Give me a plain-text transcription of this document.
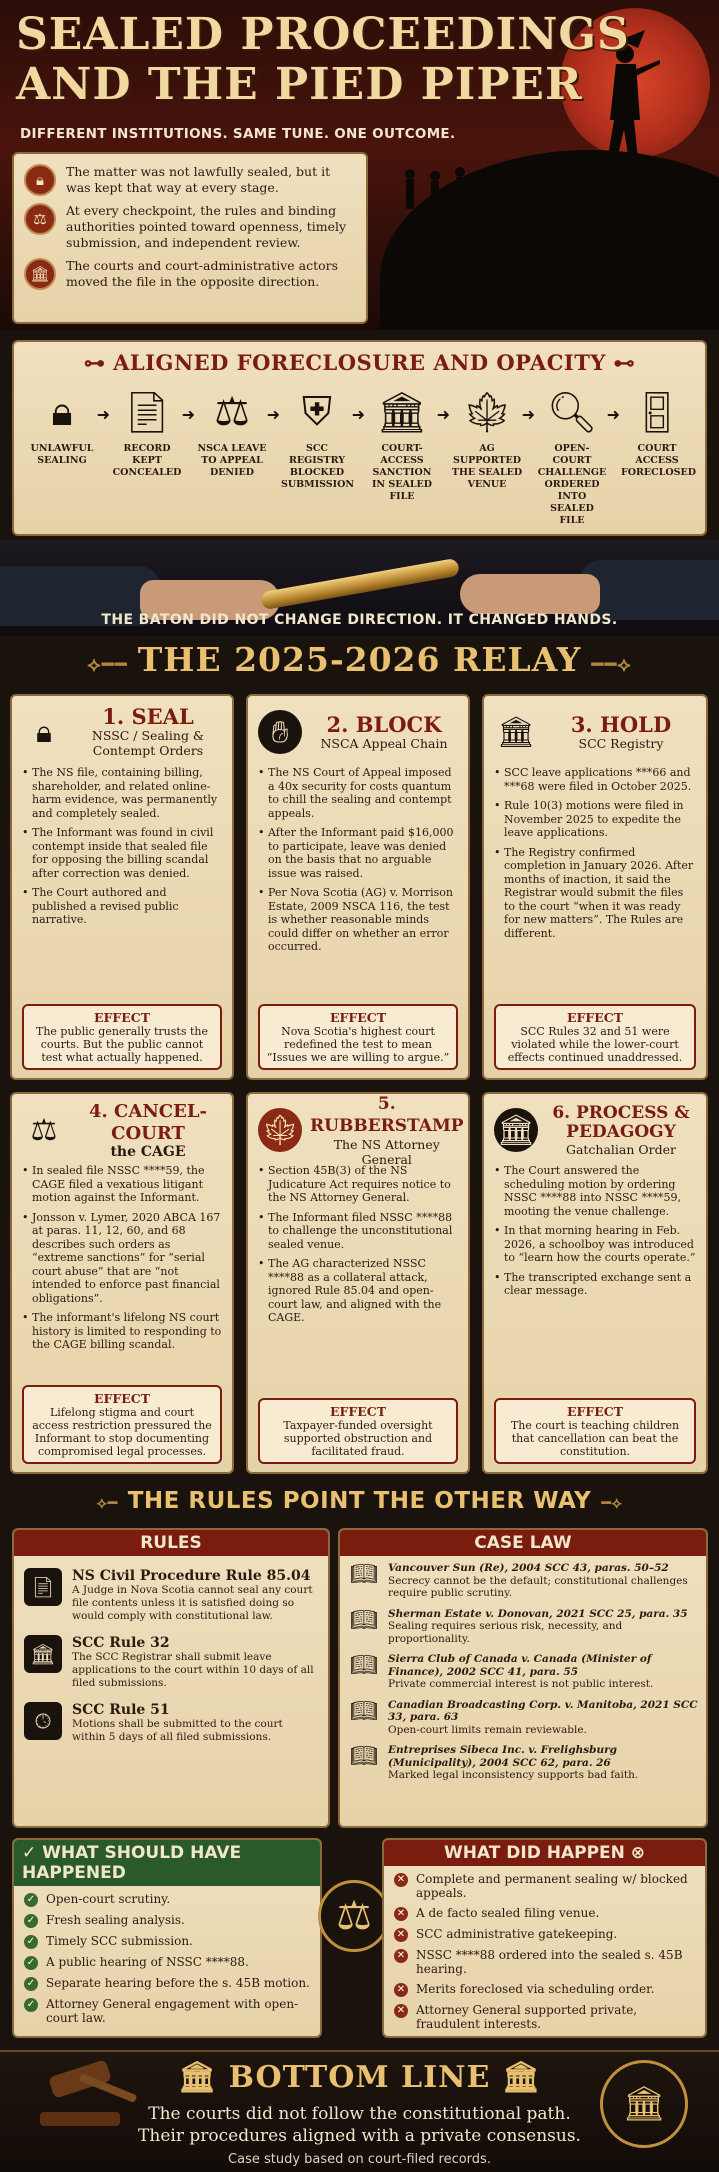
SEALED PROCEEDINGS
AND THE PIED PIPER
DIFFERENT INSTITUTIONS. SAME TUNE. ONE OUTCOME.
🔒︎	The matter was not lawfully sealed, but it was kept that way at every stage.
⚖︎	At every checkpoint, the rules and binding authorities pointed toward openness, timely submission, and independent review.
🏛︎	The courts and court-administrative actors moved the file in the opposite direction.
⊶ ALIGNED FORECLOSURE AND OPACITY ⊷
🔒︎
UNLAWFUL SEALING
➜ 📄︎
RECORD KEPT CONCEALED
➜ ⚖︎
NSCA LEAVE TO APPEAL DENIED
➜ ⛨
SCC REGISTRY BLOCKED SUBMISSION
➜ 🏛︎
COURT-ACCESS SANCTION IN SEALED FILE
➜ 🍁︎
AG SUPPORTED THE SEALED VENUE
➜ 🔍︎
OPEN-COURT CHALLENGE ORDERED INTO SEALED FILE
➜ 🚪︎
COURT ACCESS FORECLOSED
THE BATON DID NOT CHANGE DIRECTION. IT CHANGED HANDS.
⟡━━ THE 2025-2026 RELAY ━━⟡
🔒︎	1. SEAL
NSSC / Sealing & Contempt Orders
• The NS file, containing billing, shareholder, and related online-harm evidence, was permanently and completely sealed.
• The Informant was found in civil contempt inside that sealed file for opposing the billing scandal after correction was denied.
• The Court authored and published a revised public narrative.
EFFECT
The public generally trusts the courts. But the public cannot test what actually happened.
✋︎	2. BLOCK
NSCA Appeal Chain
• The NS Court of Appeal imposed a 40x security for costs quantum to chill the sealing and contempt appeals.
• After the Informant paid $16,000 to participate, leave was denied on the basis that no arguable issue was raised.
• Per Nova Scotia (AG) v. Morrison Estate, 2009 NSCA 116, the test is whether reasonable minds could differ on whether an error occurred.
EFFECT
Nova Scotia's highest court redefined the test to mean “Issues we are willing to argue.”
🏛︎	3. HOLD
SCC Registry
• SCC leave applications ***66 and ***68 were filed in October 2025.
• Rule 10(3) motions were filed in November 2025 to expedite the leave applications.
• The Registry confirmed completion in January 2026. After months of inaction, it said the Registrar would submit the files to the court “when it was ready for new matters”. The Rules are different.
EFFECT
SCC Rules 32 and 51 were violated while the lower-court effects continued unaddressed.
⚖︎
4. CANCEL-COURT
the CAGE
• In sealed file NSSC ****59, the CAGE filed a vexatious litigant motion against the Informant.
• Jonsson v. Lymer, 2020 ABCA 167 at paras. 11, 12, 60, and 68 describes such orders as “extreme sanctions” for “serial court abuse” that are “not intended to enforce past financial obligations”.
• The informant's lifelong NS court history is limited to responding to the CAGE billing scandal.
EFFECT
Lifelong stigma and court access restriction pressured the Informant to stop documenting compromised legal processes.
🍁︎
5. RUBBERSTAMP
The NS Attorney General
• Section 45B(3) of the NS Judicature Act requires notice to the NS Attorney General.
• The Informant filed NSSC ****88 to challenge the unconstitutional sealed venue.
• The AG characterized NSSC ****88 as a collateral attack, ignored Rule 85.04 and open-court law, and aligned with the CAGE.
EFFECT
Taxpayer-funded oversight supported obstruction and facilitated fraud.
🏛︎	6. PROCESS & PEDAGOGY
Gatchalian Order
• The Court answered the scheduling motion by ordering NSSC ****88 into NSSC ****59, mooting the venue challenge.
• In that morning hearing in Feb. 2026, a schoolboy was introduced to “learn how the courts operate.”
• The transcripted exchange sent a clear message.
EFFECT
The court is teaching children that cancellation can beat the constitution.
⟡━ THE RULES POINT THE OTHER WAY ━⟡
RULES
📄︎	NS Civil Procedure Rule 85.04
A Judge in Nova Scotia cannot seal any court file contents unless it is satisfied doing so would comply with constitutional law.
🏛︎	SCC Rule 32
The SCC Registrar shall submit leave applications to the court within 10 days of all filed submissions.
🕓︎	SCC Rule 51
Motions shall be submitted to the court within 5 days of all filed submissions.
CASE LAW
📖︎ Vancouver Sun (Re), 2004 SCC 43, paras. 50–52
Secrecy cannot be the default; constitutional challenges require public scrutiny.
📖︎ Sherman Estate v. Donovan, 2021 SCC 25, para. 35
Sealing requires serious risk, necessity, and proportionality.
📖︎ Sierra Club of Canada v. Canada (Minister of Finance), 2002 SCC 41, para. 55
Private commercial interest is not public interest.
📖︎ Canadian Broadcasting Corp. v. Manitoba, 2021 SCC 33, para. 63
Open-court limits remain reviewable.
📖︎ Entreprises Sibeca Inc. v. Frelighsburg (Municipality), 2004 SCC 62, para. 26
Marked legal inconsistency supports bad faith.
✓ WHAT SHOULD HAVE HAPPENED
✓ Open-court scrutiny.
✓ Fresh sealing analysis.
✓ Timely SCC submission.
✓ A public hearing of NSSC ****88.
✓ Separate hearing before the s. 45B motion.
✓ Attorney General engagement with open-court law.
⚖︎
WHAT DID HAPPEN ⊗
✕ Complete and permanent sealing w/ blocked appeals.
✕ A de facto sealed filing venue.
✕ SCC administrative gatekeeping.
✕ NSSC ****88 ordered into the sealed s. 45B hearing.
✕ Merits foreclosed via scheduling order.
✕ Attorney General supported private, fraudulent interests.
🏛︎ BOTTOM LINE 🏛︎
The courts did not follow the constitutional path.
Their procedures aligned with a private consensus.
🏛︎
Case study based on court-filed records.
